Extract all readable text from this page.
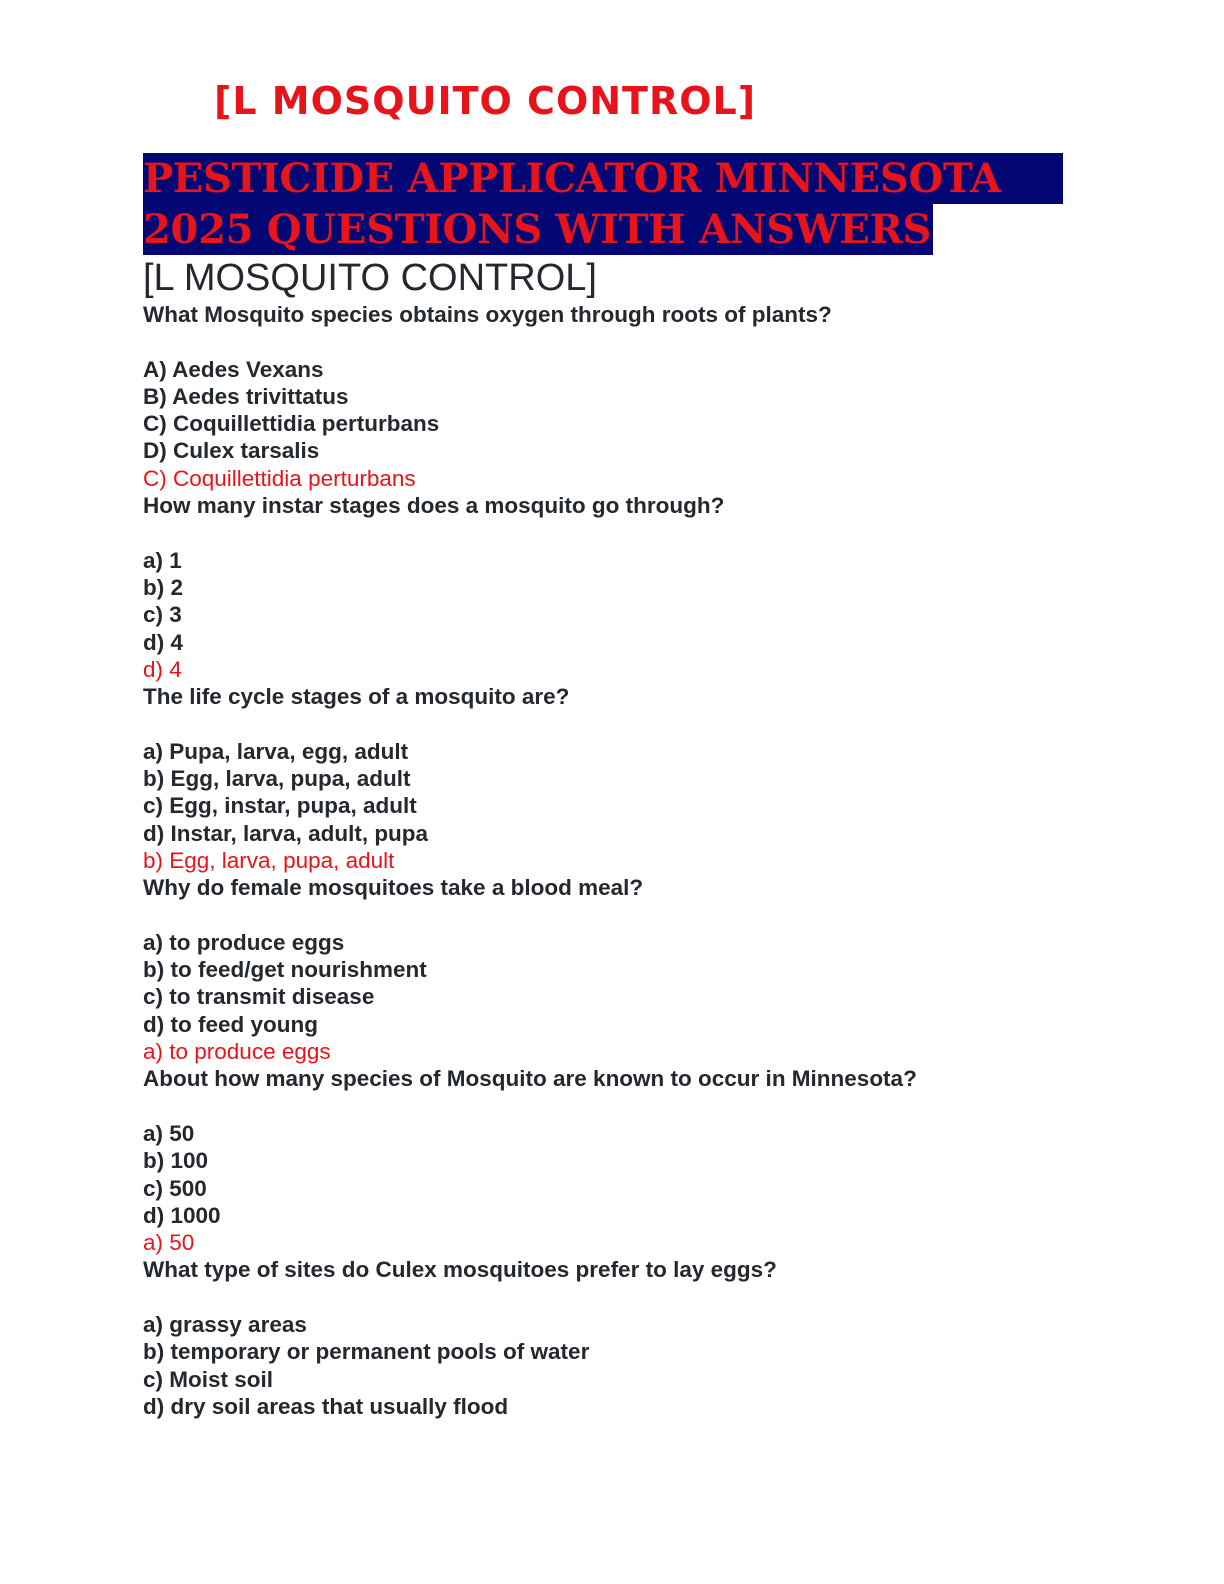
[L MOSQUITO CONTROL]
PESTICIDE APPLICATOR MINNESOTA
2025 QUESTIONS WITH ANSWERS
[L MOSQUITO CONTROL]
What Mosquito species obtains oxygen through roots of plants?
A) Aedes Vexans
B) Aedes trivittatus
C) Coquillettidia perturbans
D) Culex tarsalis
C) Coquillettidia perturbans
How many instar stages does a mosquito go through?
a) 1
b) 2
c) 3
d) 4
d) 4
The life cycle stages of a mosquito are?
a) Pupa, larva, egg, adult
b) Egg, larva, pupa, adult
c) Egg, instar, pupa, adult
d) Instar, larva, adult, pupa
b) Egg, larva, pupa, adult
Why do female mosquitoes take a blood meal?
a) to produce eggs
b) to feed/get nourishment
c) to transmit disease
d) to feed young
a) to produce eggs
About how many species of Mosquito are known to occur in Minnesota?
a) 50
b) 100
c) 500
d) 1000
a) 50
What type of sites do Culex mosquitoes prefer to lay eggs?
a) grassy areas
b) temporary or permanent pools of water
c) Moist soil
d) dry soil areas that usually flood
